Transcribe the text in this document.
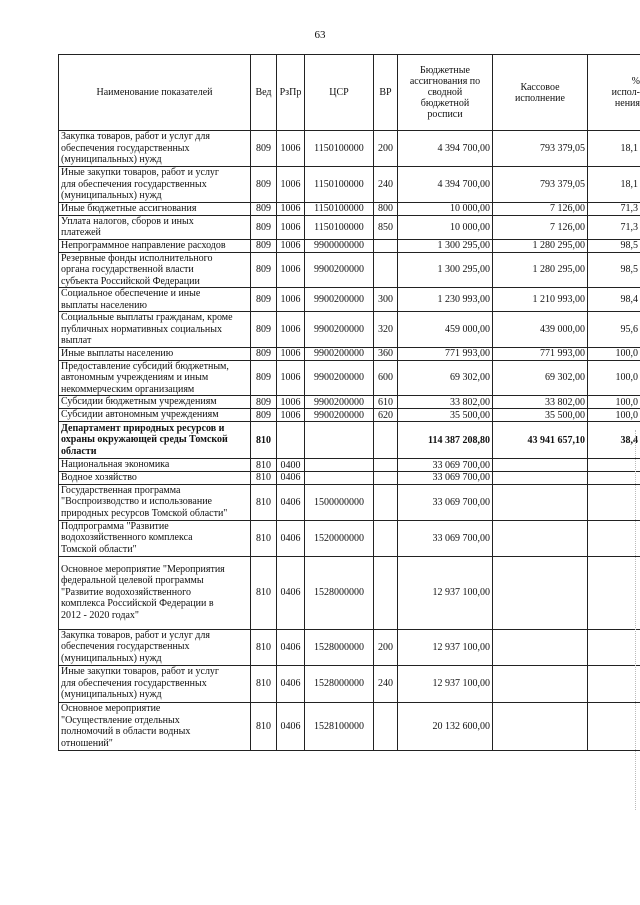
63
Наименование показателей	Вед	РзПр	ЦСР	ВР	Бюджетные
ассигнования по
сводной
бюджетной
росписи	Кассовое
исполнение	%
испол-
нения
Закупка товаров, работ и услуг для
обеспечения государственных
(муниципальных) нужд	809	1006	1150100000	200	4 394 700,00	793 379,05	18,1
Иные закупки товаров, работ и услуг
для обеспечения государственных
(муниципальных) нужд	809	1006	1150100000	240	4 394 700,00	793 379,05	18,1
Иные бюджетные ассигнования	809	1006	1150100000	800	10 000,00	7 126,00	71,3
Уплата налогов, сборов и иных
платежей	809	1006	1150100000	850	10 000,00	7 126,00	71,3
Непрограммное направление расходов	809	1006	9900000000		1 300 295,00	1 280 295,00	98,5
Резервные фонды исполнительного
органа государственной власти
субъекта Российской Федерации	809	1006	9900200000		1 300 295,00	1 280 295,00	98,5
Социальное обеспечение и иные
выплаты населению	809	1006	9900200000	300	1 230 993,00	1 210 993,00	98,4
Социальные выплаты гражданам, кроме
публичных нормативных социальных
выплат	809	1006	9900200000	320	459 000,00	439 000,00	95,6
Иные выплаты населению	809	1006	9900200000	360	771 993,00	771 993,00	100,0
Предоставление субсидий бюджетным,
автономным учреждениям и иным
некоммерческим организациям	809	1006	9900200000	600	69 302,00	69 302,00	100,0
Субсидии бюджетным учреждениям	809	1006	9900200000	610	33 802,00	33 802,00	100,0
Субсидии автономным учреждениям	809	1006	9900200000	620	35 500,00	35 500,00	100,0
Департамент природных ресурсов и
охраны окружающей среды Томской
области	810				114 387 208,80	43 941 657,10	38,4
Национальная экономика	810	0400			33 069 700,00		
Водное хозяйство	810	0406			33 069 700,00		
Государственная программа
"Воспроизводство и использование
природных ресурсов Томской области"	810	0406	1500000000		33 069 700,00		
Подпрограмма "Развитие
водохозяйственного комплекса
Томской области"	810	0406	1520000000		33 069 700,00		
Основное мероприятие "Мероприятия
федеральной целевой программы
"Развитие водохозяйственного
комплекса Российской Федерации в
2012 - 2020 годах"	810	0406	1528000000		12 937 100,00		
Закупка товаров, работ и услуг для
обеспечения государственных
(муниципальных) нужд	810	0406	1528000000	200	12 937 100,00		
Иные закупки товаров, работ и услуг
для обеспечения государственных
(муниципальных) нужд	810	0406	1528000000	240	12 937 100,00		
Основное мероприятие
"Осуществление отдельных
полномочий в области водных
отношений"	810	0406	1528100000		20 132 600,00		
